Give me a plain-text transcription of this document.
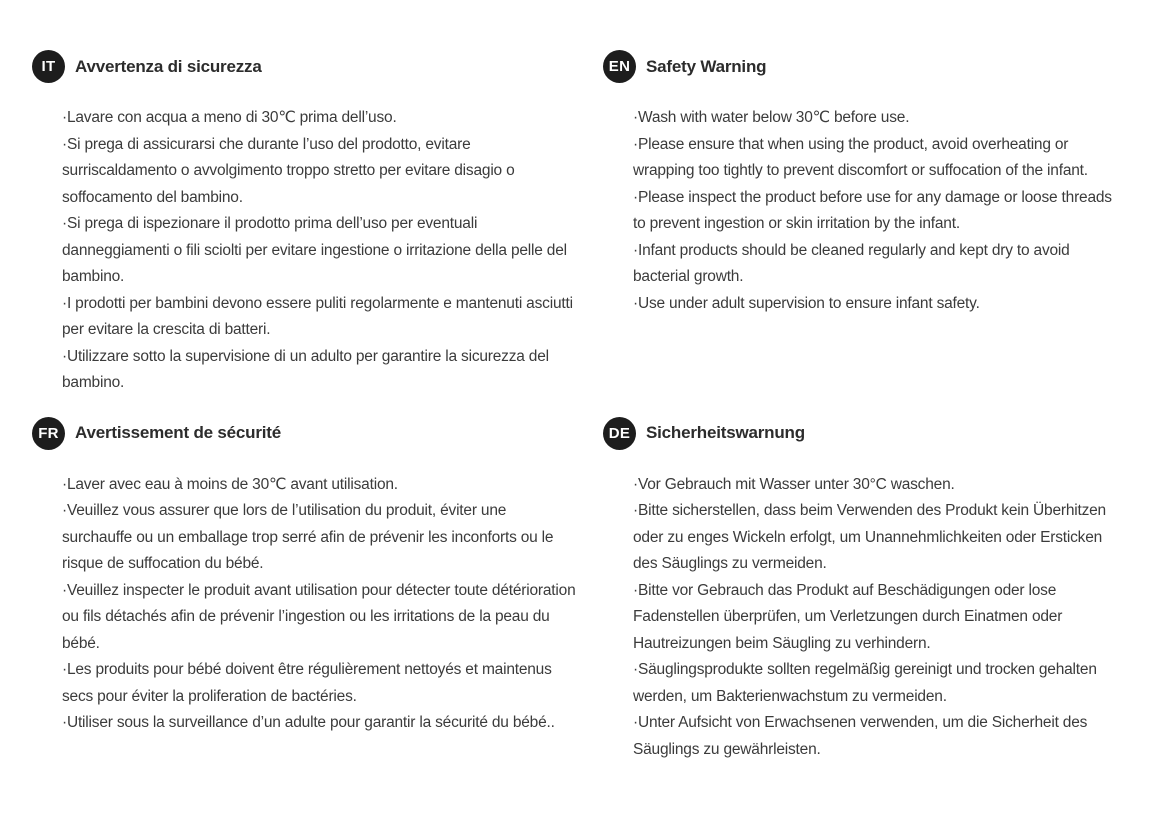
IT	Avvertenza di sicurezza

·Lavare con acqua a meno di 30℃ prima dell’uso.

·Si prega di assicurarsi che durante l’uso del prodotto, evitare surriscaldamento o avvolgimento troppo stretto per evitare disagio o soffocamento del bambino.

·Si prega di ispezionare il prodotto prima dell’uso per eventuali danneggiamenti o fili sciolti per evitare ingestione o irritazione della pelle del bambino.

·I prodotti per bambini devono essere puliti regolarmente e mantenuti asciutti per evitare la crescita di batteri.

·Utilizzare sotto la supervisione di un adulto per garantire la sicurezza del bambino.

EN Safety Warning

·Wash with water below 30℃ before use.

·Please ensure that when using the product, avoid overheating or wrapping too tightly to prevent discomfort or suffocation of the infant.

·Please inspect the product before use for any damage or loose threads to prevent ingestion or skin irritation by the infant.

·Infant products should be cleaned regularly and kept dry to avoid bacterial growth.

·Use under adult supervision to ensure infant safety.

FR Avertissement de sécurité

·Laver avec eau à moins de 30℃ avant utilisation.

·Veuillez vous assurer que lors de l’utilisation du produit, éviter une surchauffe ou un emballage trop serré afin de prévenir les inconforts ou le risque de suffocation du bébé.

·Veuillez inspecter le produit avant utilisation pour détecter toute détérioration ou fils détachés afin de prévenir l’ingestion ou les irritations de la peau du bébé.

·Les produits pour bébé doivent être régulièrement nettoyés et maintenus secs pour éviter la proliferation de bactéries.

·Utiliser sous la surveillance d’un adulte pour garantir la sécurité du bébé..

DE Sicherheitswarnung

·Vor Gebrauch mit Wasser unter 30°C waschen.

·Bitte sicherstellen, dass beim Verwenden des Produkt kein Überhitzen oder zu enges Wickeln erfolgt, um Unannehmlichkeiten oder Ersticken des Säuglings zu vermeiden.

·Bitte vor Gebrauch das Produkt auf Beschädigungen oder lose Fadenstellen überprüfen, um Verletzungen durch Einatmen oder Hautreizungen beim Säugling zu verhindern.

·Säuglingsprodukte sollten regelmäßig gereinigt und trocken gehalten werden, um Bakterienwachstum zu vermeiden.

·Unter Aufsicht von Erwachsenen verwenden, um die Sicherheit des Säuglings zu gewährleisten.
